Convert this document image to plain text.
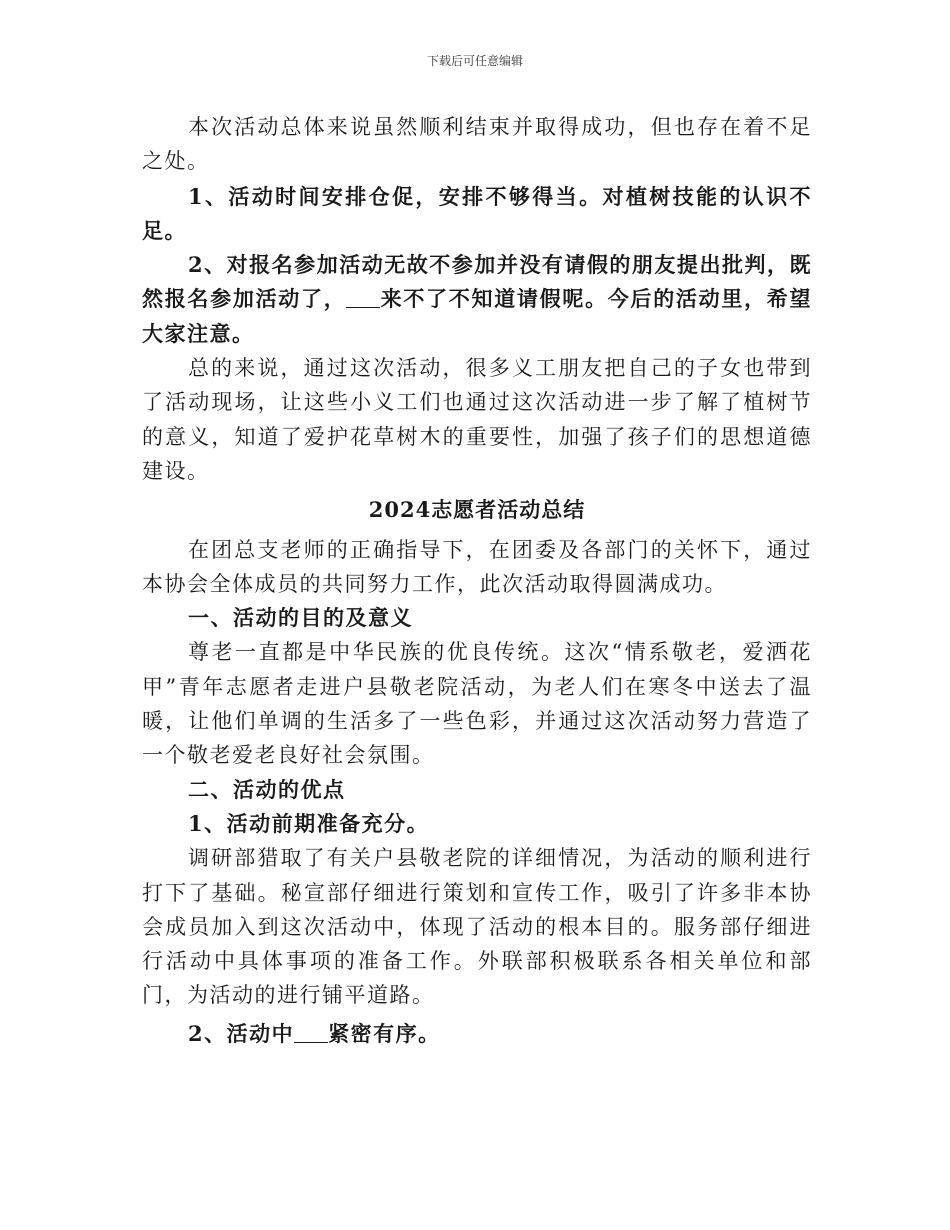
下载后可任意编辑

本次活动总体来说虽然顺利结束并取得成功，但也存在着不足之处。

1、活动时间安排仓促，安排不够得当。对植树技能的认识不足。

2、对报名参加活动无故不参加并没有请假的朋友提出批判，既然报名参加活动了， 来不了不知道请假呢。今后的活动里，希望大家注意。

总的来说，通过这次活动，很多义工朋友把自己的子女也带到了活动现场，让这些小义工们也通过这次活动进一步了解了植树节的意义，知道了爱护花草树木的重要性，加强了孩子们的思想道德建设。

2024志愿者活动总结

在团总支老师的正确指导下，在团委及各部门的关怀下，通过本协会全体成员的共同努力工作，此次活动取得圆满成功。

一、活动的目的及意义

尊老一直都是中华民族的优良传统。这次“情系敬老，爱洒花甲”青年志愿者走进户县敬老院活动，为老人们在寒冬中送去了温暖，让他们单调的生活多了一些色彩，并通过这次活动努力营造了一个敬老爱老良好社会氛围。

二、活动的优点

1、活动前期准备充分。

调研部猎取了有关户县敬老院的详细情况，为活动的顺利进行打下了基础。秘宣部仔细进行策划和宣传工作，吸引了许多非本协会成员加入到这次活动中，体现了活动的根本目的。服务部仔细进行活动中具体事项的准备工作。外联部积极联系各相关单位和部门，为活动的进行铺平道路。

2、活动中 紧密有序。
